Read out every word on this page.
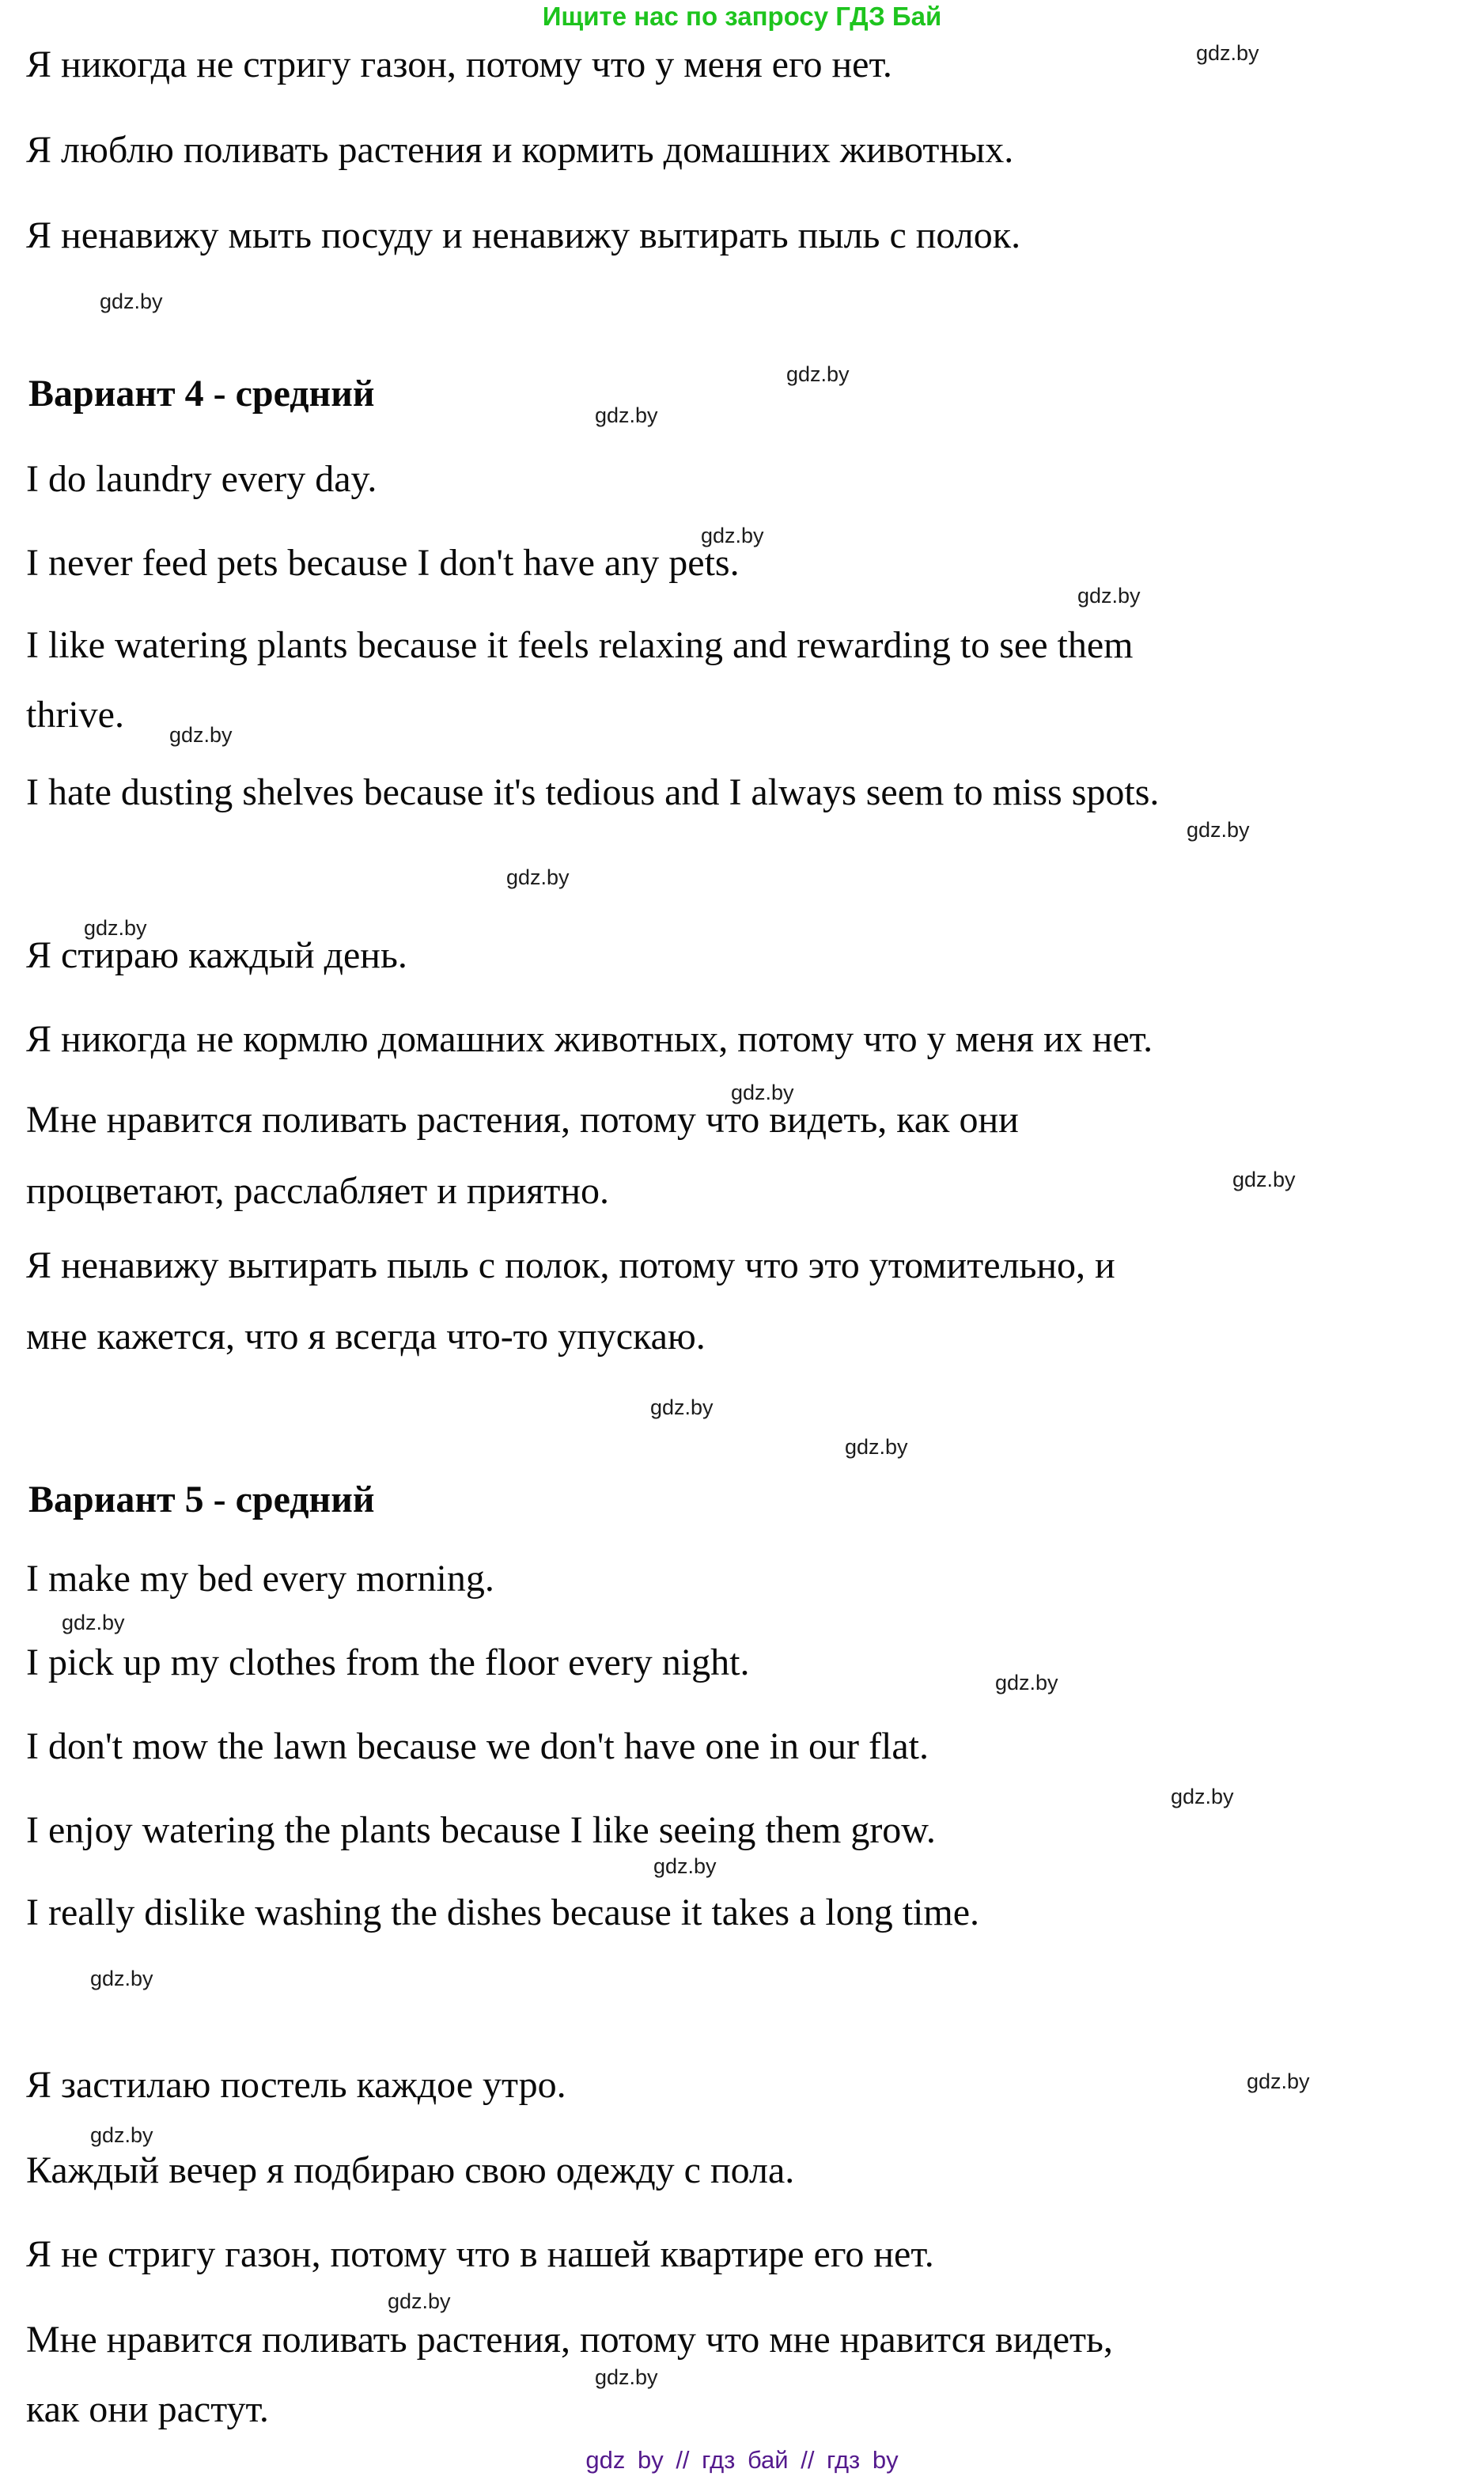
Ищите нас по запросу ГДЗ Бай
Я никогда не стригу газон, потому что у меня его нет.
Я люблю поливать растения и кормить домашних животных.
Я ненавижу мыть посуду и ненавижу вытирать пыль с полок.
Вариант 4 - средний
I do laundry every day.
I never feed pets because I don't have any pets.
I like watering plants because it feels relaxing and rewarding to see them
thrive.
I hate dusting shelves because it's tedious and I always seem to miss spots.
Я стираю каждый день.
Я никогда не кормлю домашних животных, потому что у меня их нет.
Мне нравится поливать растения, потому что видеть, как они
процветают, расслабляет и приятно.
Я ненавижу вытирать пыль с полок, потому что это утомительно, и
мне кажется, что я всегда что-то упускаю.
Вариант 5 - средний
I make my bed every morning.
I pick up my clothes from the floor every night.
I don't mow the lawn because we don't have one in our flat.
I enjoy watering the plants because I like seeing them grow.
I really dislike washing the dishes because it takes a long time.
Я застилаю постель каждое утро.
Каждый вечер я подбираю свою одежду с пола.
Я не стригу газон, потому что в нашей квартире его нет.
Мне нравится поливать растения, потому что мне нравится видеть,
как они растут.
gdz.by
gdz.by
gdz.by
gdz.by
gdz.by
gdz.by
gdz.by
gdz.by
gdz.by
gdz.by
gdz.by
gdz.by
gdz.by
gdz.by
gdz.by
gdz.by
gdz.by
gdz.by
gdz.by
gdz.by
gdz.by
gdz.by
gdz.by
gdz by // гдз бай // гдз by
